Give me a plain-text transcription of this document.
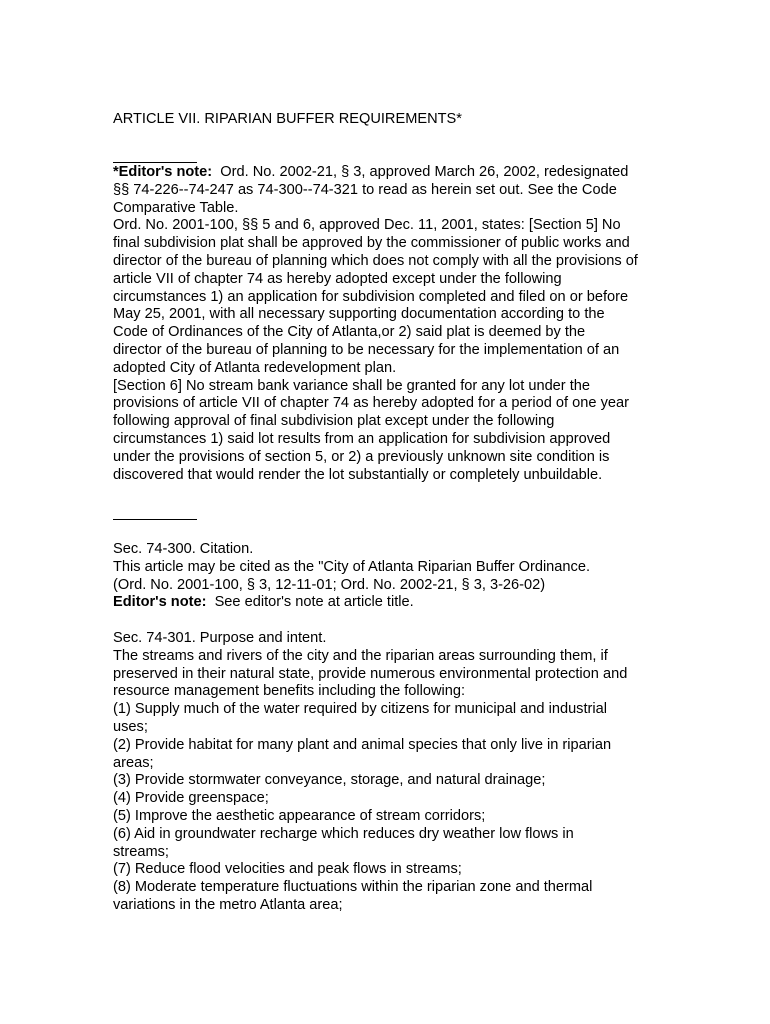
ARTICLE VII. RIPARIAN BUFFER REQUIREMENTS*
*Editor's note: Ord. No. 2002-21, § 3, approved March 26, 2002, redesignated
§§ 74-226--74-247 as 74-300--74-321 to read as herein set out. See the Code
Comparative Table.
Ord. No. 2001-100, §§ 5 and 6, approved Dec. 11, 2001, states: [Section 5] No
final subdivision plat shall be approved by the commissioner of public works and
director of the bureau of planning which does not comply with all the provisions of
article VII of chapter 74 as hereby adopted except under the following
circumstances 1) an application for subdivision completed and filed on or before
May 25, 2001, with all necessary supporting documentation according to the
Code of Ordinances of the City of Atlanta,or 2) said plat is deemed by the
director of the bureau of planning to be necessary for the implementation of an
adopted City of Atlanta redevelopment plan.
[Section 6] No stream bank variance shall be granted for any lot under the
provisions of article VII of chapter 74 as hereby adopted for a period of one year
following approval of final subdivision plat except under the following
circumstances 1) said lot results from an application for subdivision approved
under the provisions of section 5, or 2) a previously unknown site condition is
discovered that would render the lot substantially or completely unbuildable.
Sec. 74-300. Citation.
This article may be cited as the "City of Atlanta Riparian Buffer Ordinance.
(Ord. No. 2001-100, § 3, 12-11-01; Ord. No. 2002-21, § 3, 3-26-02)
Editor's note: See editor's note at article title.
Sec. 74-301. Purpose and intent.
The streams and rivers of the city and the riparian areas surrounding them, if
preserved in their natural state, provide numerous environmental protection and
resource management benefits including the following:
(1) Supply much of the water required by citizens for municipal and industrial
uses;
(2) Provide habitat for many plant and animal species that only live in riparian
areas;
(3) Provide stormwater conveyance, storage, and natural drainage;
(4) Provide greenspace;
(5) Improve the aesthetic appearance of stream corridors;
(6) Aid in groundwater recharge which reduces dry weather low flows in
streams;
(7) Reduce flood velocities and peak flows in streams;
(8) Moderate temperature fluctuations within the riparian zone and thermal
variations in the metro Atlanta area;
